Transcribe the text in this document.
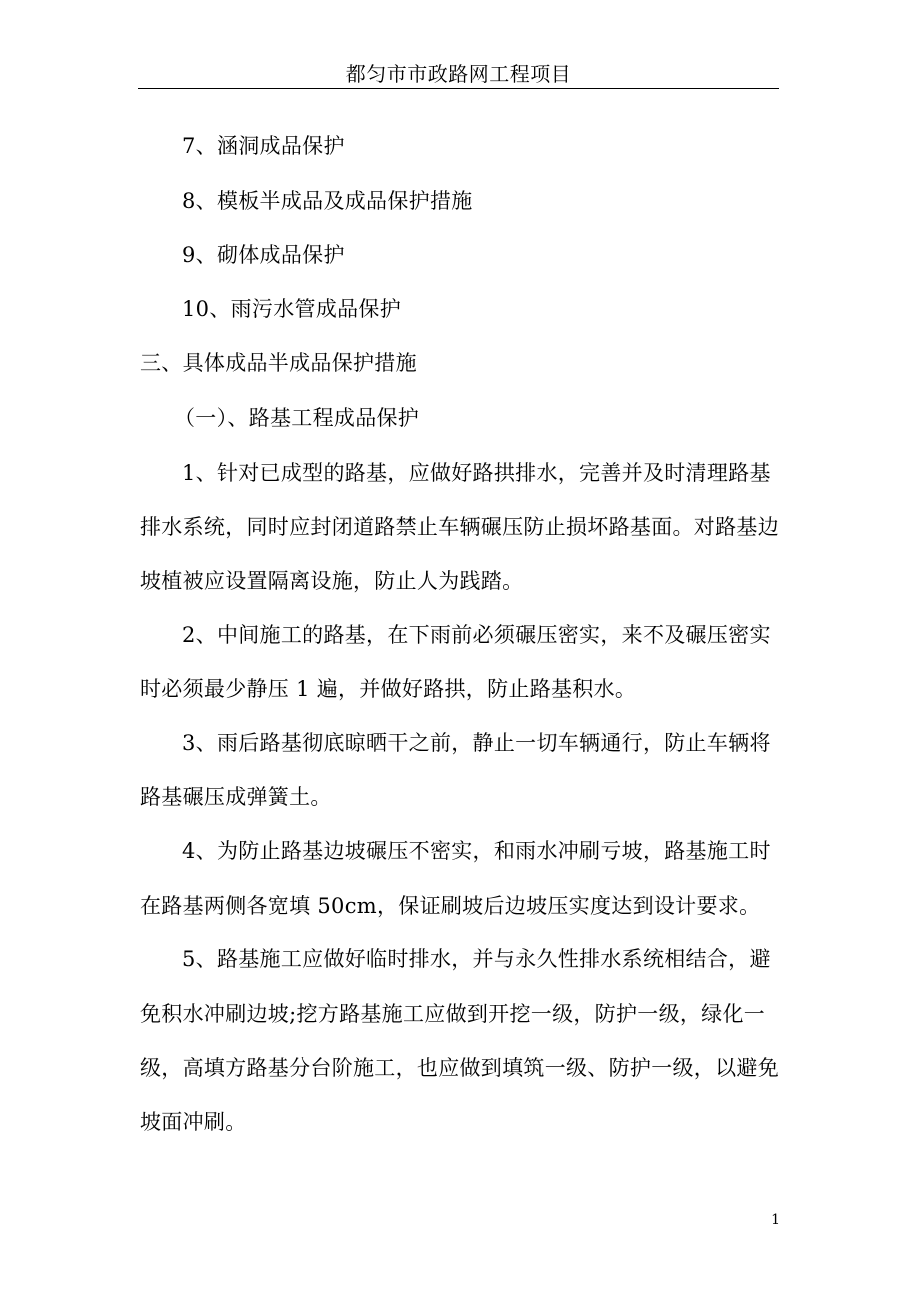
都匀市市政路网工程项目
7、涵洞成品保护
8、模板半成品及成品保护措施
9、砌体成品保护
10、雨污水管成品保护
三、具体成品半成品保护措施
（一）、路基工程成品保护
1、针对已成型的路基，应做好路拱排水，完善并及时清理路基
排水系统，同时应封闭道路禁止车辆碾压防止损坏路基面。对路基边
坡植被应设置隔离设施，防止人为践踏。
2、中间施工的路基，在下雨前必须碾压密实，来不及碾压密实
时必须最少静压 1 遍，并做好路拱，防止路基积水。
3、雨后路基彻底晾晒干之前，静止一切车辆通行，防止车辆将
路基碾压成弹簧土。
4、为防止路基边坡碾压不密实，和雨水冲刷亏坡，路基施工时
在路基两侧各宽填 50cm，保证刷坡后边坡压实度达到设计要求。
5、路基施工应做好临时排水，并与永久性排水系统相结合，避
免积水冲刷边坡;挖方路基施工应做到开挖一级，防护一级，绿化一
级，高填方路基分台阶施工，也应做到填筑一级、防护一级，以避免
坡面冲刷。
1
